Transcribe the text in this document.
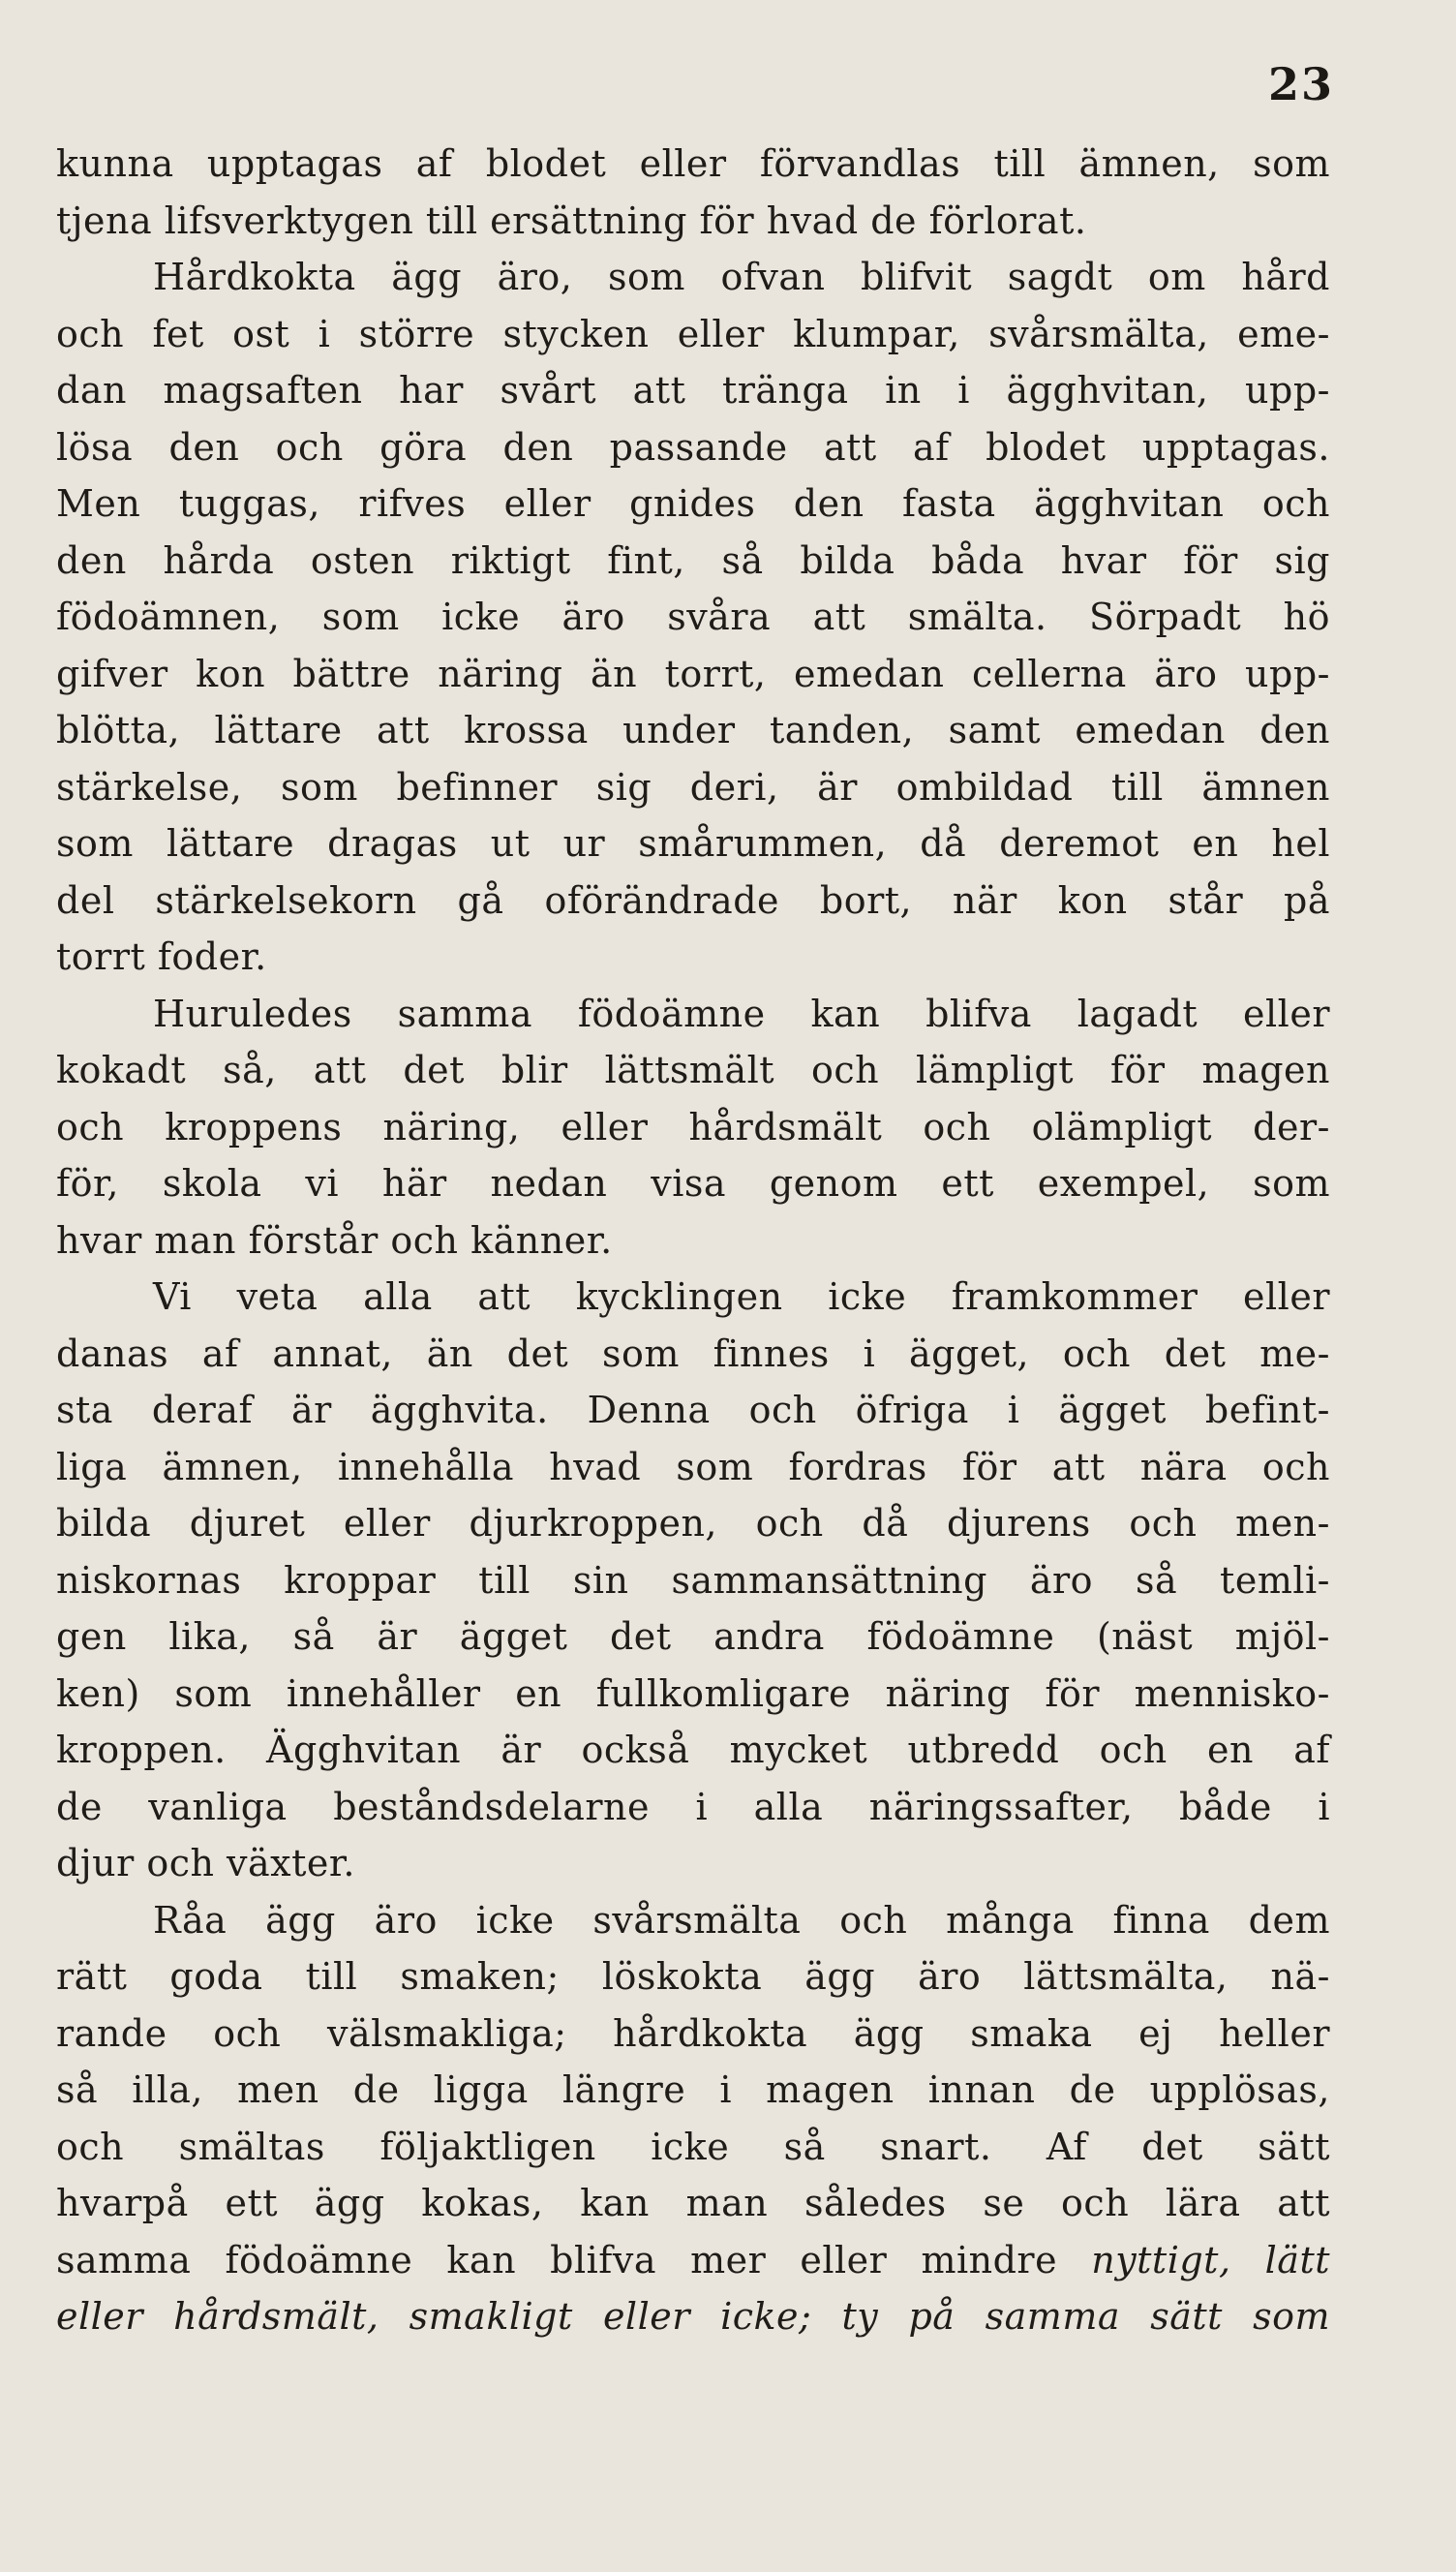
23
kunna upptagas af blodet eller förvandlas till ämnen, som
tjena lifsverktygen till ersättning för hvad de förlorat.
Hårdkokta ägg äro, som ofvan blifvit sagdt om hård
och fet ost i större stycken eller klumpar, svårsmälta, eme-
dan magsaften har svårt att tränga in i ägghvitan, upp-
lösa den och göra den passande att af blodet upptagas.
Men tuggas, rifves eller gnides den fasta ägghvitan och
den hårda osten riktigt fint, så bilda båda hvar för sig
födoämnen, som icke äro svåra att smälta. Sörpadt hö
gifver kon bättre näring än torrt, emedan cellerna äro upp-
blötta, lättare att krossa under tanden, samt emedan den
stärkelse, som befinner sig deri, är ombildad till ämnen
som lättare dragas ut ur smårummen, då deremot en hel
del stärkelsekorn gå oförändrade bort, när kon står på
torrt foder.
Huruledes samma födoämne kan blifva lagadt eller
kokadt så, att det blir lättsmält och lämpligt för magen
och kroppens näring, eller hårdsmält och olämpligt der-
för, skola vi här nedan visa genom ett exempel, som
hvar man förstår och känner.
Vi veta alla att kycklingen icke framkommer eller
danas af annat, än det som finnes i ägget, och det me-
sta deraf är ägghvita. Denna och öfriga i ägget befint-
liga ämnen, innehålla hvad som fordras för att nära och
bilda djuret eller djurkroppen, och då djurens och men-
niskornas kroppar till sin sammansättning äro så temli-
gen lika, så är ägget det andra födoämne (näst mjöl-
ken) som innehåller en fullkomligare näring för mennisko-
kroppen. Ägghvitan är också mycket utbredd och en af
de vanliga beståndsdelarne i alla näringssafter, både i
djur och växter.
Råa ägg äro icke svårsmälta och många finna dem
rätt goda till smaken; löskokta ägg äro lättsmälta, nä-
rande och välsmakliga; hårdkokta ägg smaka ej heller
så illa, men de ligga längre i magen innan de upplösas,
och smältas följaktligen icke så snart. Af det sätt
hvarpå ett ägg kokas, kan man således se och lära att
samma födoämne kan blifva mer eller mindre nyttigt, lätt
eller hårdsmält, smakligt eller icke; ty på samma sätt som
